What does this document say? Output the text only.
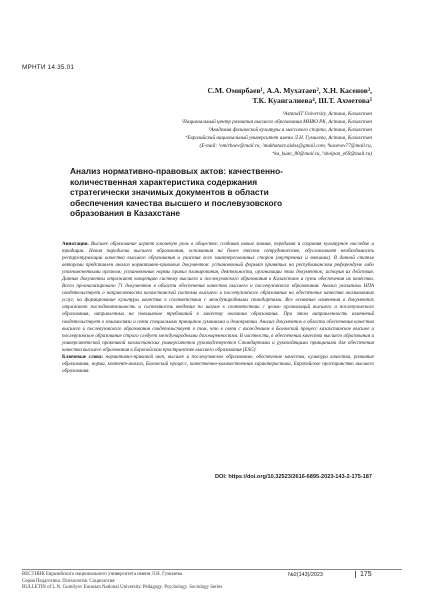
МРНТИ 14.35.01
С.М. Омирбаев¹, А.А. Мухатаев², Х.Н. Касенов³,
Т.К. Куангалиева⁴, Ш.Т. Ахметова⁵
¹AstanaIT University, Астана, Казахстан
²Национальный центр развития высшего образования МНВО РК, Астана, Казахстан
³Академия физической культуры и массового спорта, Астана, Казахстан
⁴Евразийский национальный университет имени Л.Н. Гумилева, Астана, Казахстан
(E-mail: ¹omirbaev@mail.ru, ²mukhataev.aidos@gmail.com, ³kasenov77@mail.ru,
⁴ku_kuan_80@mail.ru, ⁵sholpan_e69@mail.ru)
Анализ нормативно-правовых актов: качественно-
количественная характеристика содержания
стратегически значимых документов в области
обеспечения качества высшего и послевузовского
образования в Казахстане

Аннотация. Высшее образование играет ключевую роль в обществе, создавая новые знания, передавая и сохраняя культурное наследие и традиции. Новая парадигма высшего образования, основанная на более тесном сотрудничестве, обусловливает необходимость реструктуризации качества высшего образования и участия всех заинтересованных сторон (внутренних и внешних). В данной статье авторами представлен анализ нормативно-правовых документов: установочный формат принятых на республиканском референдуме либо уполномоченными органом; установочные нормы правил планирования, деятельности, организации этих документов; история их действия. Данные документы отражают концепцию систему высшего и послевузовского образования в Казахстане и пути обеспечения их качества. Всего проанализировано 71 документов в области обеспечения качества высшего и послевузовского образования. Анализ указанных НПА свидетельствует о направленности казахстанской системы высшего и послевузовского образования на обеспечение качества оказываемых услуг, на формирование культуры качества в соответствии с международными стандартами. Все основные изменения в документах отражают последовательность и системность введения по шагам в соответствии с целью организаций высшего и послевузовского образования, направленных на повышение требований к качеству оказания образования. При этом направленность изменений свидетельствует о взаимосвязи и связи специальных принципов гуманизма и демократии. Анализ документов в области обеспечения качества высшего и послевузовского образования свидетельствует о том, что в связи с вхождением в Болонский процесс казахстанское высшее и послевузовское образование строго следует международными договоренностям. В частности, в обеспечении качества высшего образования и университетской практикой казахстанских университетов руководствуются Стандартами и руководящими принципами для обеспечения качества высшего образования в Европейском пространстве высшего образования (ESG).

Ключевые слова: нормативно-правовой акт, высшее и послевузовское образование, обеспечение качества, культура качества, развитие образования, норма, контент-анализ, Болонский процесс, качественно-количественная характеристика, Европейское пространство высшего образования.

DOI: https://doi.org/10.32523/2616-6895-2023-143-2-175-187
ВЕСТНИК Евразийского национального университета имени Л.Н. Гумилева.
Серия Педагогика. Психология. Социология
BULLETIN of L.N. Gumilyov Eurasian National University. Pedagogy. Psychology. Sociology Series
№2(143)/2023	175
